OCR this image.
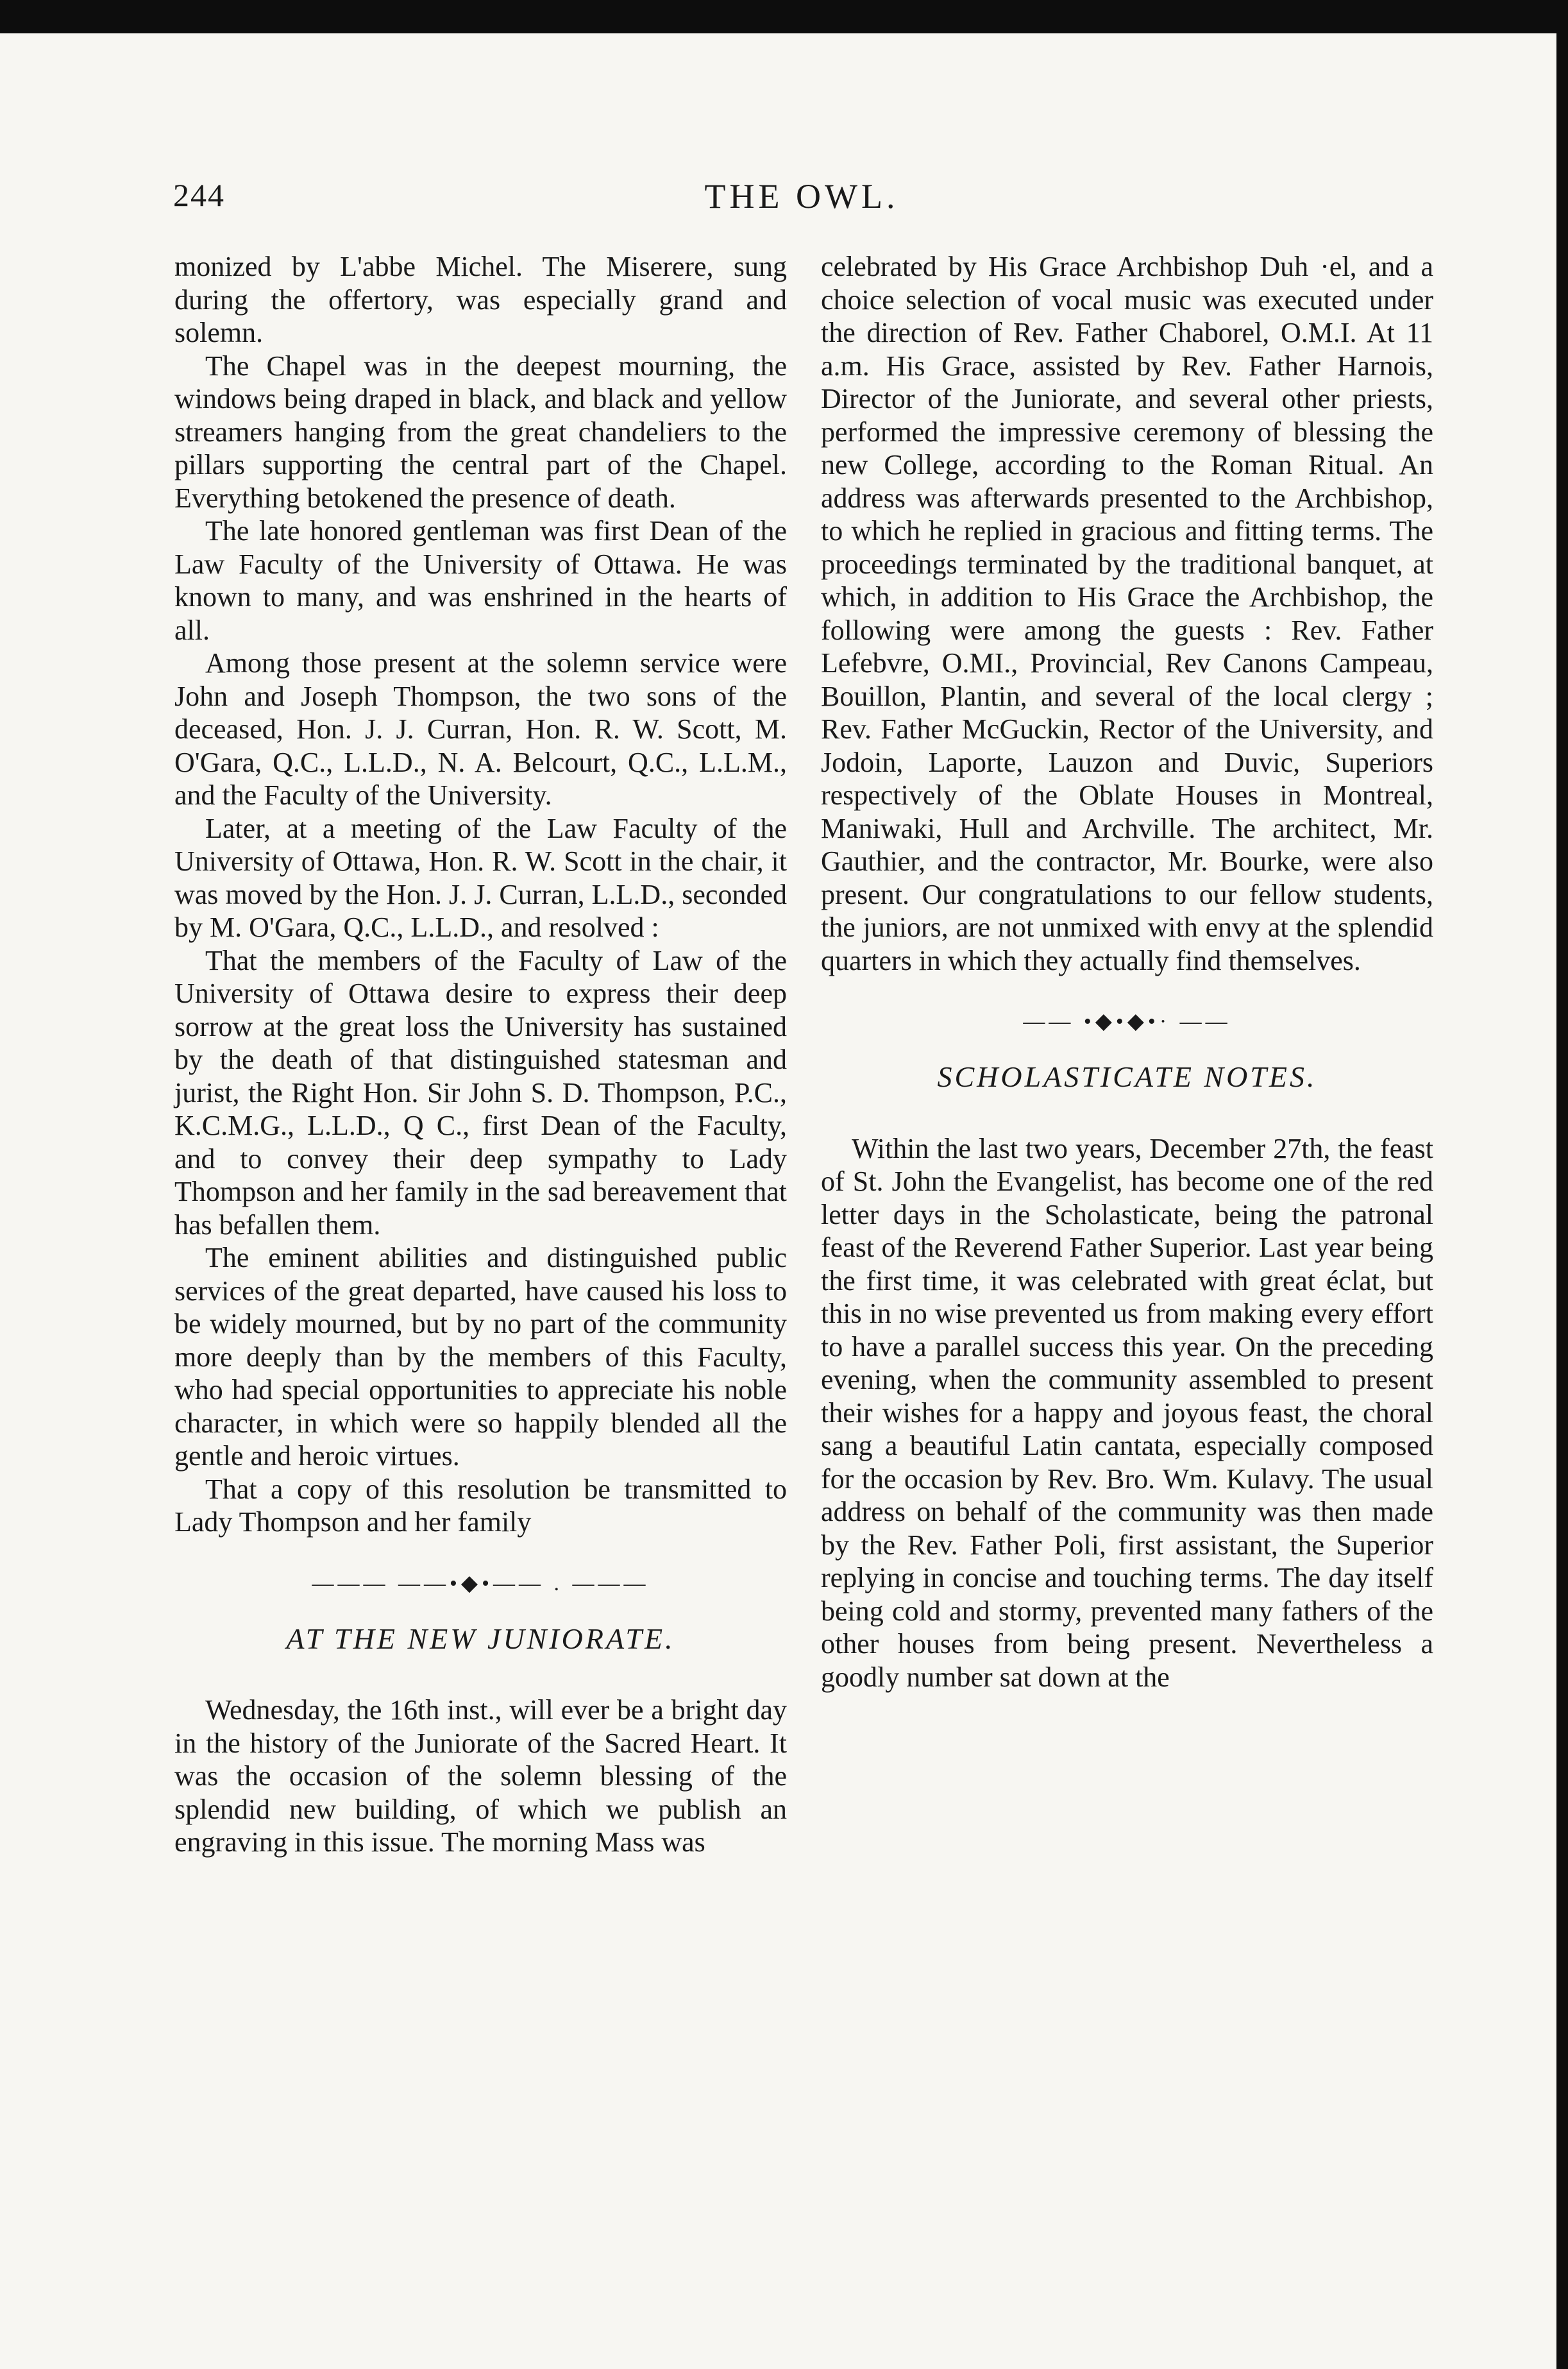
244	THE OWL.

monized by L'abbe Michel. The Miserere, sung during the offertory, was especially grand and solemn.

The Chapel was in the deepest mourning, the windows being draped in black, and black and yellow streamers hanging from the great chandeliers to the pillars supporting the central part of the Chapel. Everything betokened the presence of death.

The late honored gentleman was first Dean of the Law Faculty of the University of Ottawa. He was known to many, and was enshrined in the hearts of all.

Among those present at the solemn service were John and Joseph Thompson, the two sons of the deceased, Hon. J. J. Curran, Hon. R. W. Scott, M. O'Gara, Q.C., L.L.D., N. A. Belcourt, Q.C., L.L.M., and the Faculty of the University.

Later, at a meeting of the Law Faculty of the University of Ottawa, Hon. R. W. Scott in the chair, it was moved by the Hon. J. J. Curran, L.L.D., seconded by M. O'Gara, Q.C., L.L.D., and resolved :

That the members of the Faculty of Law of the University of Ottawa desire to express their deep sorrow at the great loss the University has sustained by the death of that distinguished statesman and jurist, the Right Hon. Sir John S. D. Thompson, P.C., K.C.M.G., L.L.D., Q C., first Dean of the Faculty, and to convey their deep sympathy to Lady Thompson and her family in the sad bereavement that has befallen them.

The eminent abilities and distinguished public services of the great departed, have caused his loss to be widely mourned, but by no part of the community more deeply than by the members of this Faculty, who had special opportunities to appreciate his noble character, in which were so happily blended all the gentle and heroic virtues.

That a copy of this resolution be transmitted to Lady Thompson and her family

——— ——•◆•—— . ———
AT THE NEW JUNIORATE.

Wednesday, the 16th inst., will ever be a bright day in the history of the Juniorate of the Sacred Heart. It was the occasion of the solemn blessing of the splendid new building, of which we publish an engraving in this issue. The morning Mass was

celebrated by His Grace Archbishop Duh ·el, and a choice selection of vocal music was executed under the direction of Rev. Father Chaborel, O.M.I. At 11 a.m. His Grace, assisted by Rev. Father Harnois, Director of the Juniorate, and several other priests, performed the impressive ceremony of blessing the new College, according to the Roman Ritual. An address was afterwards presented to the Archbishop, to which he replied in gracious and fitting terms. The proceedings terminated by the traditional banquet, at which, in addition to His Grace the Archbishop, the following were among the guests : Rev. Father Lefebvre, O.MI., Provincial, Rev Canons Campeau, Bouillon, Plantin, and several of the local clergy ; Rev. Father McGuckin, Rector of the University, and Jodoin, Laporte, Lauzon and Duvic, Superiors respectively of the Oblate Houses in Montreal, Maniwaki, Hull and Archville. The architect, Mr. Gauthier, and the contractor, Mr. Bourke, were also present. Our congratulations to our fellow students, the juniors, are not unmixed with envy at the splendid quarters in which they actually find themselves.

—— •◆•◆•· ——
SCHOLASTICATE NOTES.

Within the last two years, December 27th, the feast of St. John the Evangelist, has become one of the red letter days in the Scholasticate, being the patronal feast of the Reverend Father Superior. Last year being the first time, it was celebrated with great éclat, but this in no wise prevented us from making every effort to have a parallel success this year. On the preceding evening, when the community assembled to present their wishes for a happy and joyous feast, the choral sang a beautiful Latin cantata, especially composed for the occasion by Rev. Bro. Wm. Kulavy. The usual address on behalf of the community was then made by the Rev. Father Poli, first assistant, the Superior replying in concise and touching terms. The day itself being cold and stormy, prevented many fathers of the other houses from being present. Nevertheless a goodly number sat down at the
